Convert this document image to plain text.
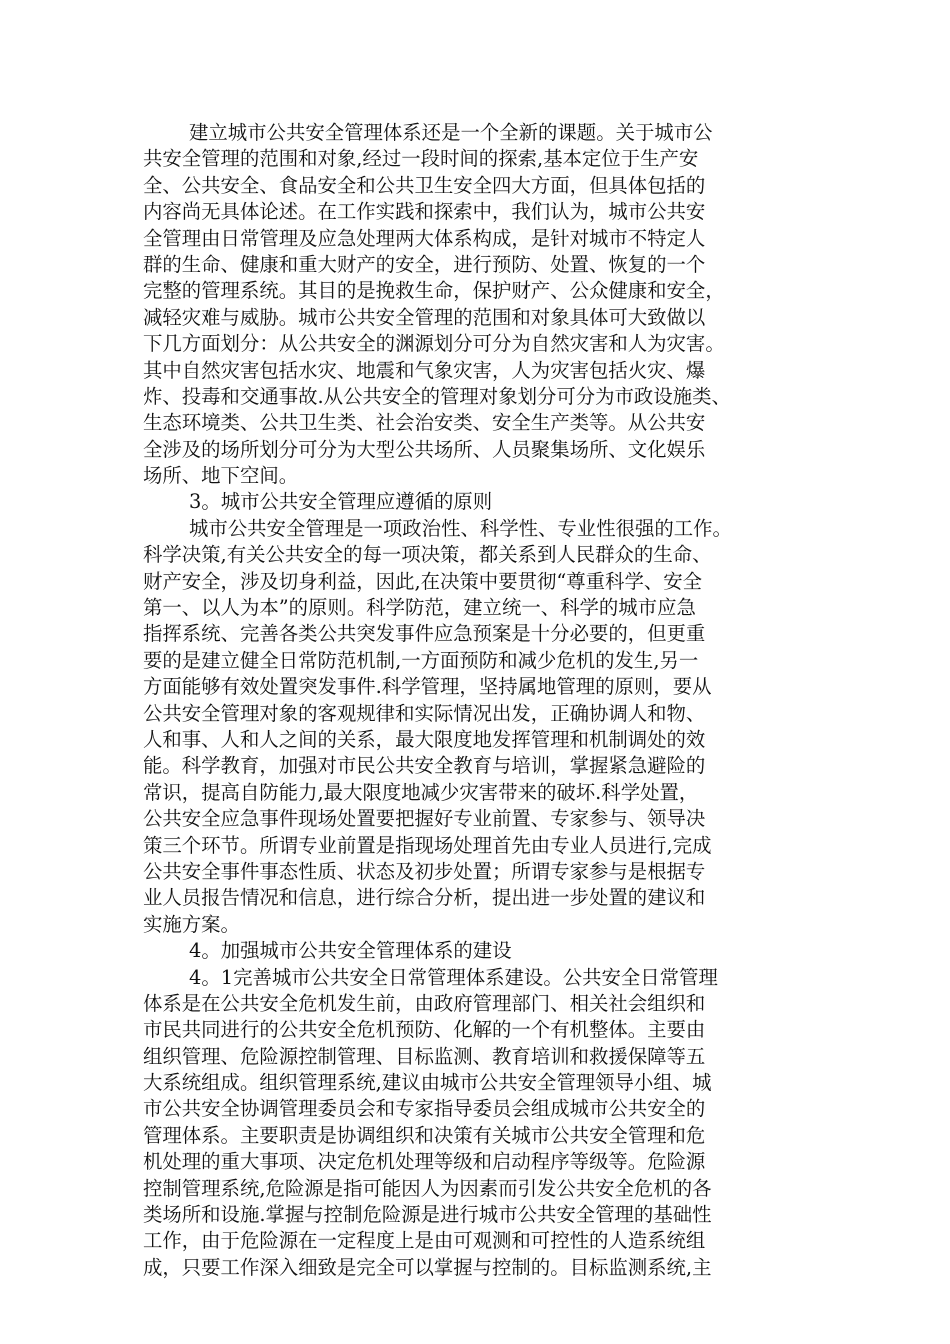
建立城市公共安全管理体系还是一个全新的课题。关于城市公
共安全管理的范围和对象,经过一段时间的探索,基本定位于生产安
全、公共安全、食品安全和公共卫生安全四大方面，但具体包括的
内容尚无具体论述。在工作实践和探索中，我们认为，城市公共安
全管理由日常管理及应急处理两大体系构成，是针对城市不特定人
群的生命、健康和重大财产的安全，进行预防、处置、恢复的一个
完整的管理系统。其目的是挽救生命，保护财产、公众健康和安全，
减轻灾难与威胁。城市公共安全管理的范围和对象具体可大致做以
下几方面划分：从公共安全的渊源划分可分为自然灾害和人为灾害。
其中自然灾害包括水灾、地震和气象灾害，人为灾害包括火灾、爆
炸、投毒和交通事故.从公共安全的管理对象划分可分为市政设施类、
生态环境类、公共卫生类、社会治安类、安全生产类等。从公共安
全涉及的场所划分可分为大型公共场所、人员聚集场所、文化娱乐
场所、地下空间。
3。城市公共安全管理应遵循的原则
城市公共安全管理是一项政治性、科学性、专业性很强的工作。
科学决策,有关公共安全的每一项决策，都关系到人民群众的生命、
财产安全，涉及切身利益，因此,在决策中要贯彻“尊重科学、安全
第一、以人为本”的原则。科学防范，建立统一、科学的城市应急
指挥系统、完善各类公共突发事件应急预案是十分必要的，但更重
要的是建立健全日常防范机制,一方面预防和减少危机的发生,另一
方面能够有效处置突发事件.科学管理，坚持属地管理的原则，要从
公共安全管理对象的客观规律和实际情况出发，正确协调人和物、
人和事、人和人之间的关系，最大限度地发挥管理和机制调处的效
能。科学教育，加强对市民公共安全教育与培训，掌握紧急避险的
常识，提高自防能力,最大限度地减少灾害带来的破坏.科学处置，
公共安全应急事件现场处置要把握好专业前置、专家参与、领导决
策三个环节。所谓专业前置是指现场处理首先由专业人员进行,完成
公共安全事件事态性质、状态及初步处置；所谓专家参与是根据专
业人员报告情况和信息，进行综合分析，提出进一步处置的建议和
实施方案。
4。加强城市公共安全管理体系的建设
4。1完善城市公共安全日常管理体系建设。公共安全日常管理
体系是在公共安全危机发生前，由政府管理部门、相关社会组织和
市民共同进行的公共安全危机预防、化解的一个有机整体。主要由
组织管理、危险源控制管理、目标监测、教育培训和救援保障等五
大系统组成。组织管理系统,建议由城市公共安全管理领导小组、城
市公共安全协调管理委员会和专家指导委员会组成城市公共安全的
管理体系。主要职责是协调组织和决策有关城市公共安全管理和危
机处理的重大事项、决定危机处理等级和启动程序等级等。危险源
控制管理系统,危险源是指可能因人为因素而引发公共安全危机的各
类场所和设施.掌握与控制危险源是进行城市公共安全管理的基础性
工作，由于危险源在一定程度上是由可观测和可控性的人造系统组
成，只要工作深入细致是完全可以掌握与控制的。目标监测系统,主
